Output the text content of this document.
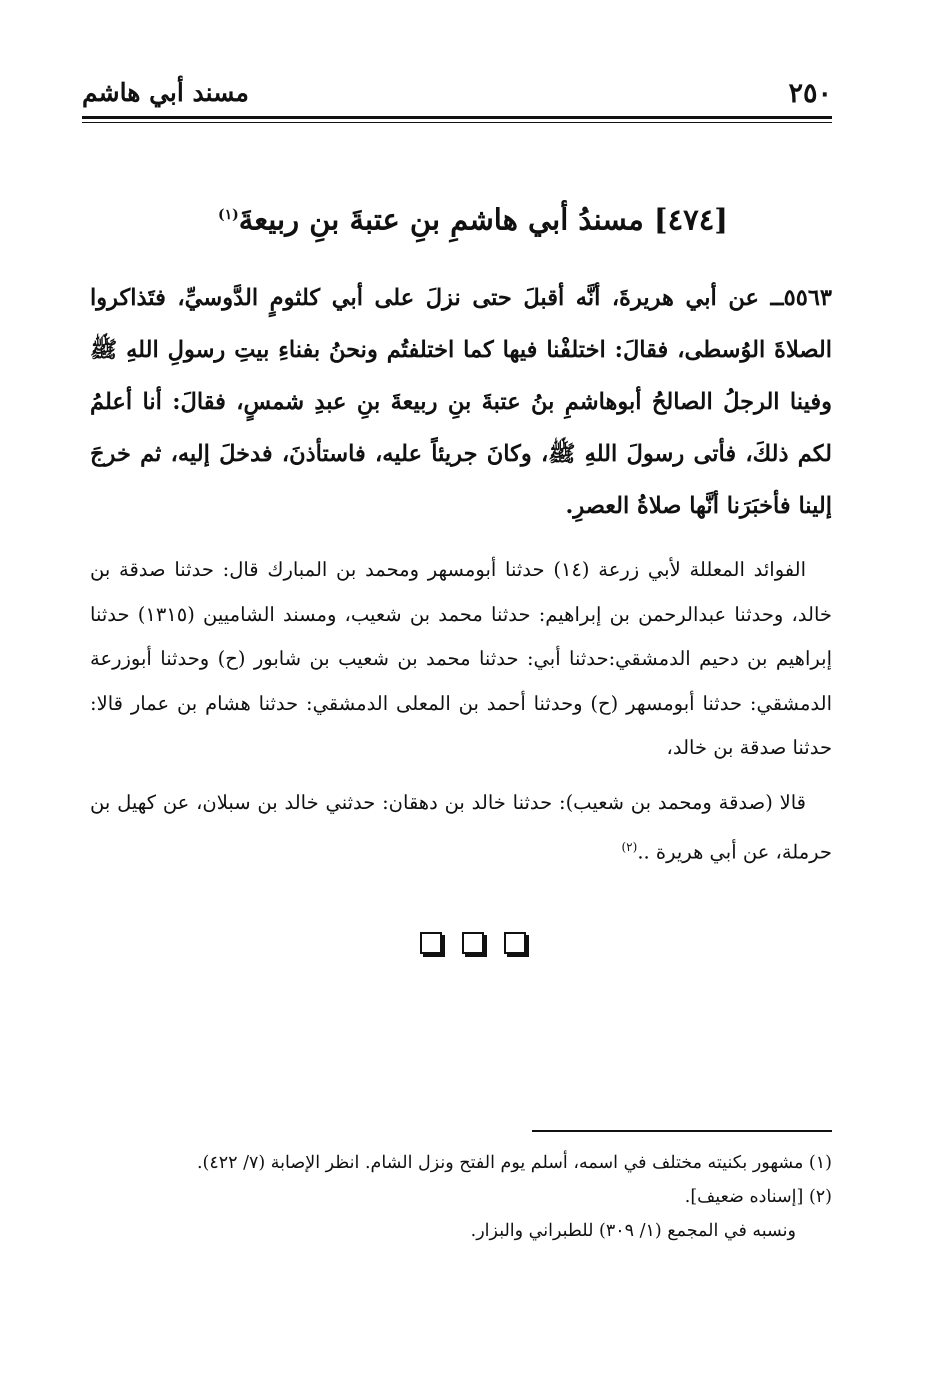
٢٥٠
مسند أبي هاشم
[٤٧٤] مسندُ أبي هاشمِ بنِ عتبةَ بنِ ربيعةَ$^{(١)}$
٥٥٦٣ــ عن أبي هريرةَ، أنَّه أقبلَ حتى نزلَ على أبي كلثومٍ الدَّوسيِّ، فتَذاكروا الصلاةَ الوُسطى، فقالَ: اختلفْنا فيها كما اختلفتُم ونحنُ بفناءِ بيتِ رسولِ اللهِ ﷺ وفينا الرجلُ الصالحُ أبوهاشمِ بنُ عتبةَ بنِ ربيعةَ بنِ عبدِ شمسٍ، فقالَ: أنا أعلمُ لكم ذلكَ، فأتى رسولَ اللهِ ﷺ، وكانَ جريئاً عليه، فاستأذنَ، فدخلَ إليه، ثم خرجَ إلينا فأخبَرَنا أنَّها صلاةُ العصرِ.

الفوائد المعللة لأبي زرعة (١٤) حدثنا أبومسهر ومحمد بن المبارك قال: حدثنا صدقة بن خالد، وحدثنا عبدالرحمن بن إبراهيم: حدثنا محمد بن شعيب، ومسند الشاميين (١٣١٥) حدثنا إبراهيم بن دحيم الدمشقي:حدثنا أبي: حدثنا محمد بن شعيب بن شابور (ح) وحدثنا أبوزرعة الدمشقي: حدثنا أبومسهر (ح) وحدثنا أحمد بن المعلى الدمشقي: حدثنا هشام بن عمار قالا: حدثنا صدقة بن خالد،

قالا (صدقة ومحمد بن شعيب): حدثنا خالد بن دهقان: حدثني خالد بن سبلان، عن كهيل بن حرملة، عن أبي هريرة ..$^{(٢)}$

(١) مشهور بكنيته مختلف في اسمه، أسلم يوم الفتح ونزل الشام. انظر الإصابة (٧/ ٤٢٢).
(٢) [إسناده ضعيف].
ونسبه في المجمع (١/ ٣٠٩) للطبراني والبزار.
